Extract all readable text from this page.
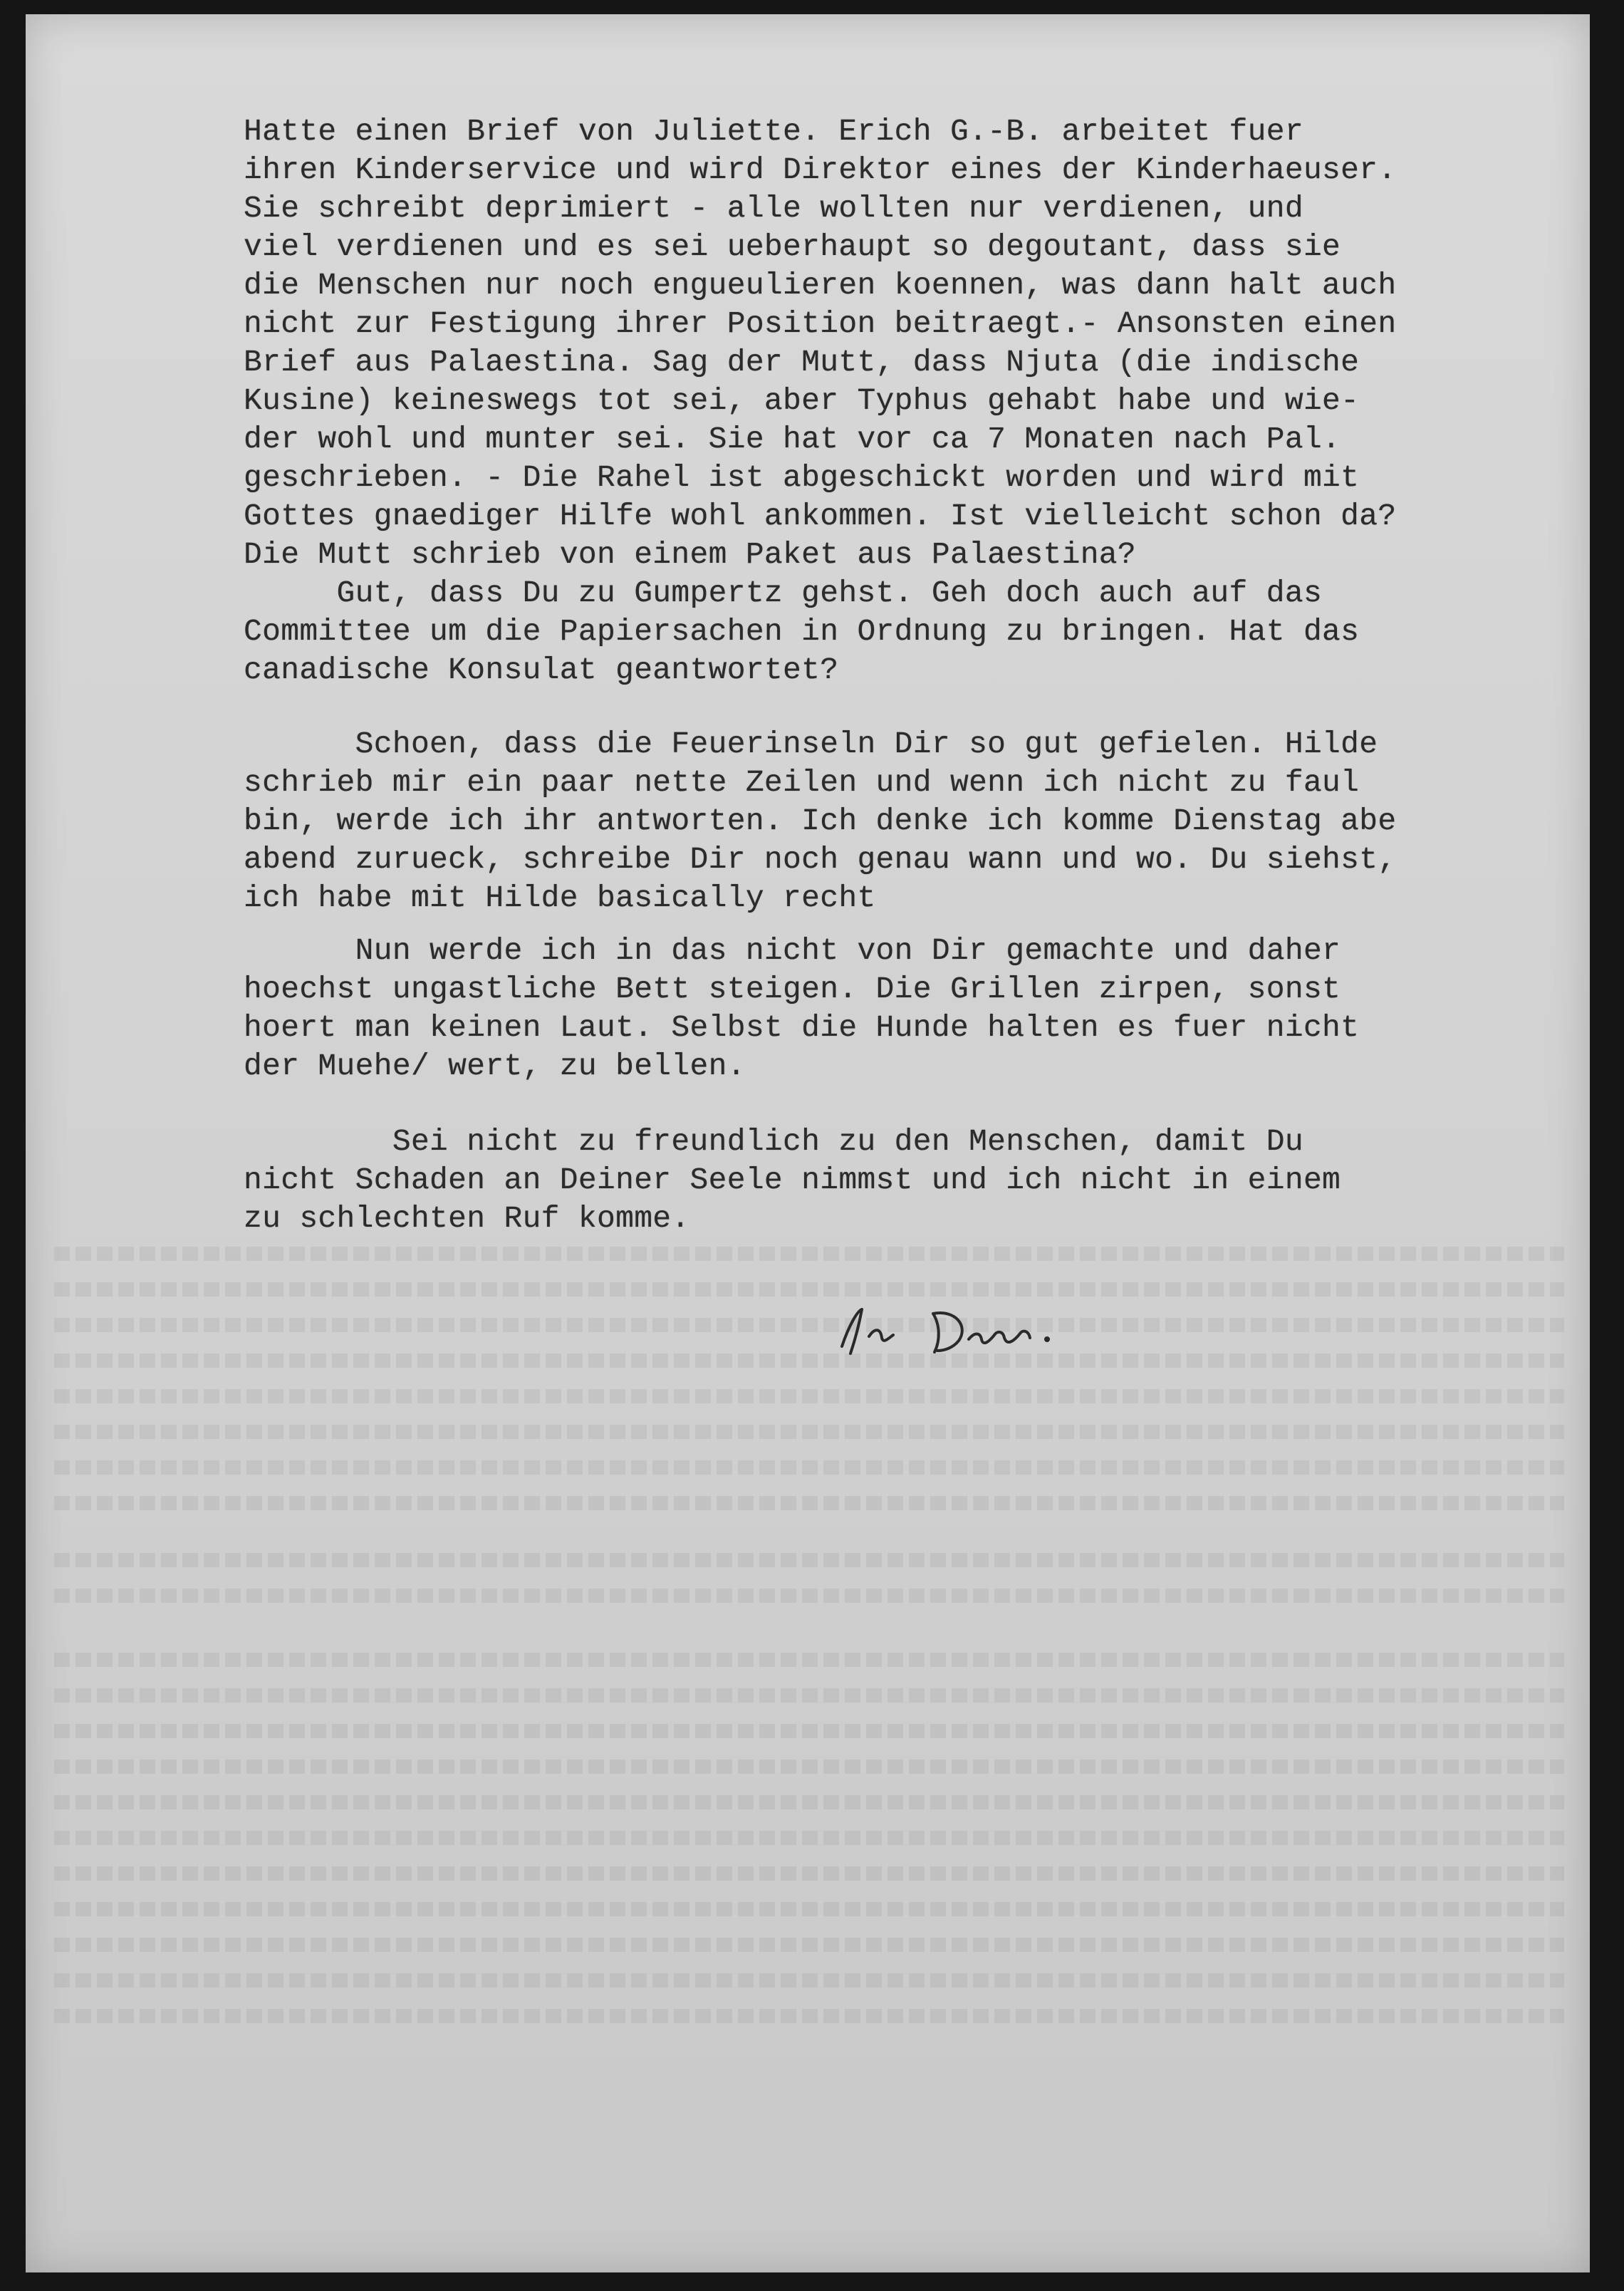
Hatte einen Brief von Juliette. Erich G.-B. arbeitet fuer
ihren Kinderservice und wird Direktor eines der Kinderhaeuser.
Sie schreibt deprimiert - alle wollten nur verdienen, und
viel verdienen und es sei ueberhaupt so degoutant, dass sie
die Menschen nur noch engueulieren koennen, was dann halt auch
nicht zur Festigung ihrer Position beitraegt.- Ansonsten einen
Brief aus Palaestina. Sag der Mutt, dass Njuta (die indische
Kusine) keineswegs tot sei, aber Typhus gehabt habe und wie-
der wohl und munter sei. Sie hat vor ca 7 Monaten nach Pal.
geschrieben. - Die Rahel ist abgeschickt worden und wird mit
Gottes gnaediger Hilfe wohl ankommen. Ist vielleicht schon da?
Die Mutt schrieb von einem Paket aus Palaestina?
Gut, dass Du zu Gumpertz gehst. Geh doch auch auf das
Committee um die Papiersachen in Ordnung zu bringen. Hat das
canadische Konsulat geantwortet?
Schoen, dass die Feuerinseln Dir so gut gefielen. Hilde
schrieb mir ein paar nette Zeilen und wenn ich nicht zu faul
bin, werde ich ihr antworten. Ich denke ich komme Dienstag abe
abend zurueck, schreibe Dir noch genau wann und wo. Du siehst,
ich habe mit Hilde basically recht
Nun werde ich in das nicht von Dir gemachte und daher
hoechst ungastliche Bett steigen. Die Grillen zirpen, sonst
hoert man keinen Laut. Selbst die Hunde halten es fuer nicht
der Muehe/ wert, zu bellen.
Sei nicht zu freundlich zu den Menschen, damit Du
nicht Schaden an Deiner Seele nimmst und ich nicht in einem
zu schlechten Ruf komme.
